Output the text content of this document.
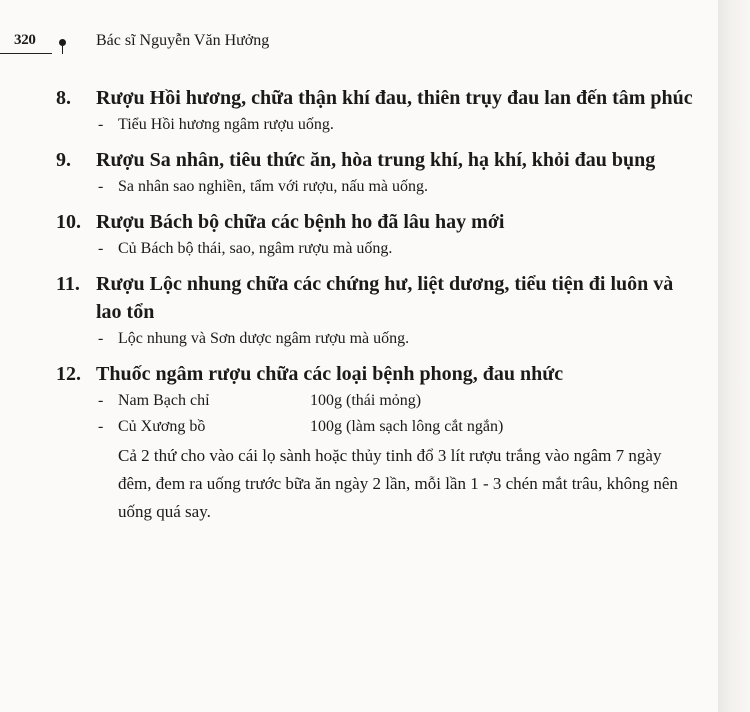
320	Bác sĩ Nguyễn Văn Hưởng
8.	Rượu Hồi hương, chữa thận khí đau, thiên trụy đau lan đến tâm phúc
- Tiểu Hồi hương ngâm rượu uống.
9.	Rượu Sa nhân, tiêu thức ăn, hòa trung khí, hạ khí, khỏi đau bụng
- Sa nhân sao nghiền, tẩm với rượu, nấu mà uống.
10. Rượu Bách bộ chữa các bệnh ho đã lâu hay mới
- Củ Bách bộ thái, sao, ngâm rượu mà uống.
11. Rượu Lộc nhung chữa các chứng hư, liệt dương, tiểu tiện đi luôn và lao tổn
- Lộc nhung và Sơn dược ngâm rượu mà uống.
12. Thuốc ngâm rượu chữa các loại bệnh phong, đau nhức
- Nam Bạch chỉ	100g (thái mỏng)
- Củ Xương bồ	100g (làm sạch lông cắt ngắn)
Cả 2 thứ cho vào cái lọ sành hoặc thủy tinh đổ 3 lít rượu trắng vào ngâm 7 ngày đêm, đem ra uống trước bữa ăn ngày 2 lần, mỗi lần 1 - 3 chén mắt trâu, không nên uống quá say.
